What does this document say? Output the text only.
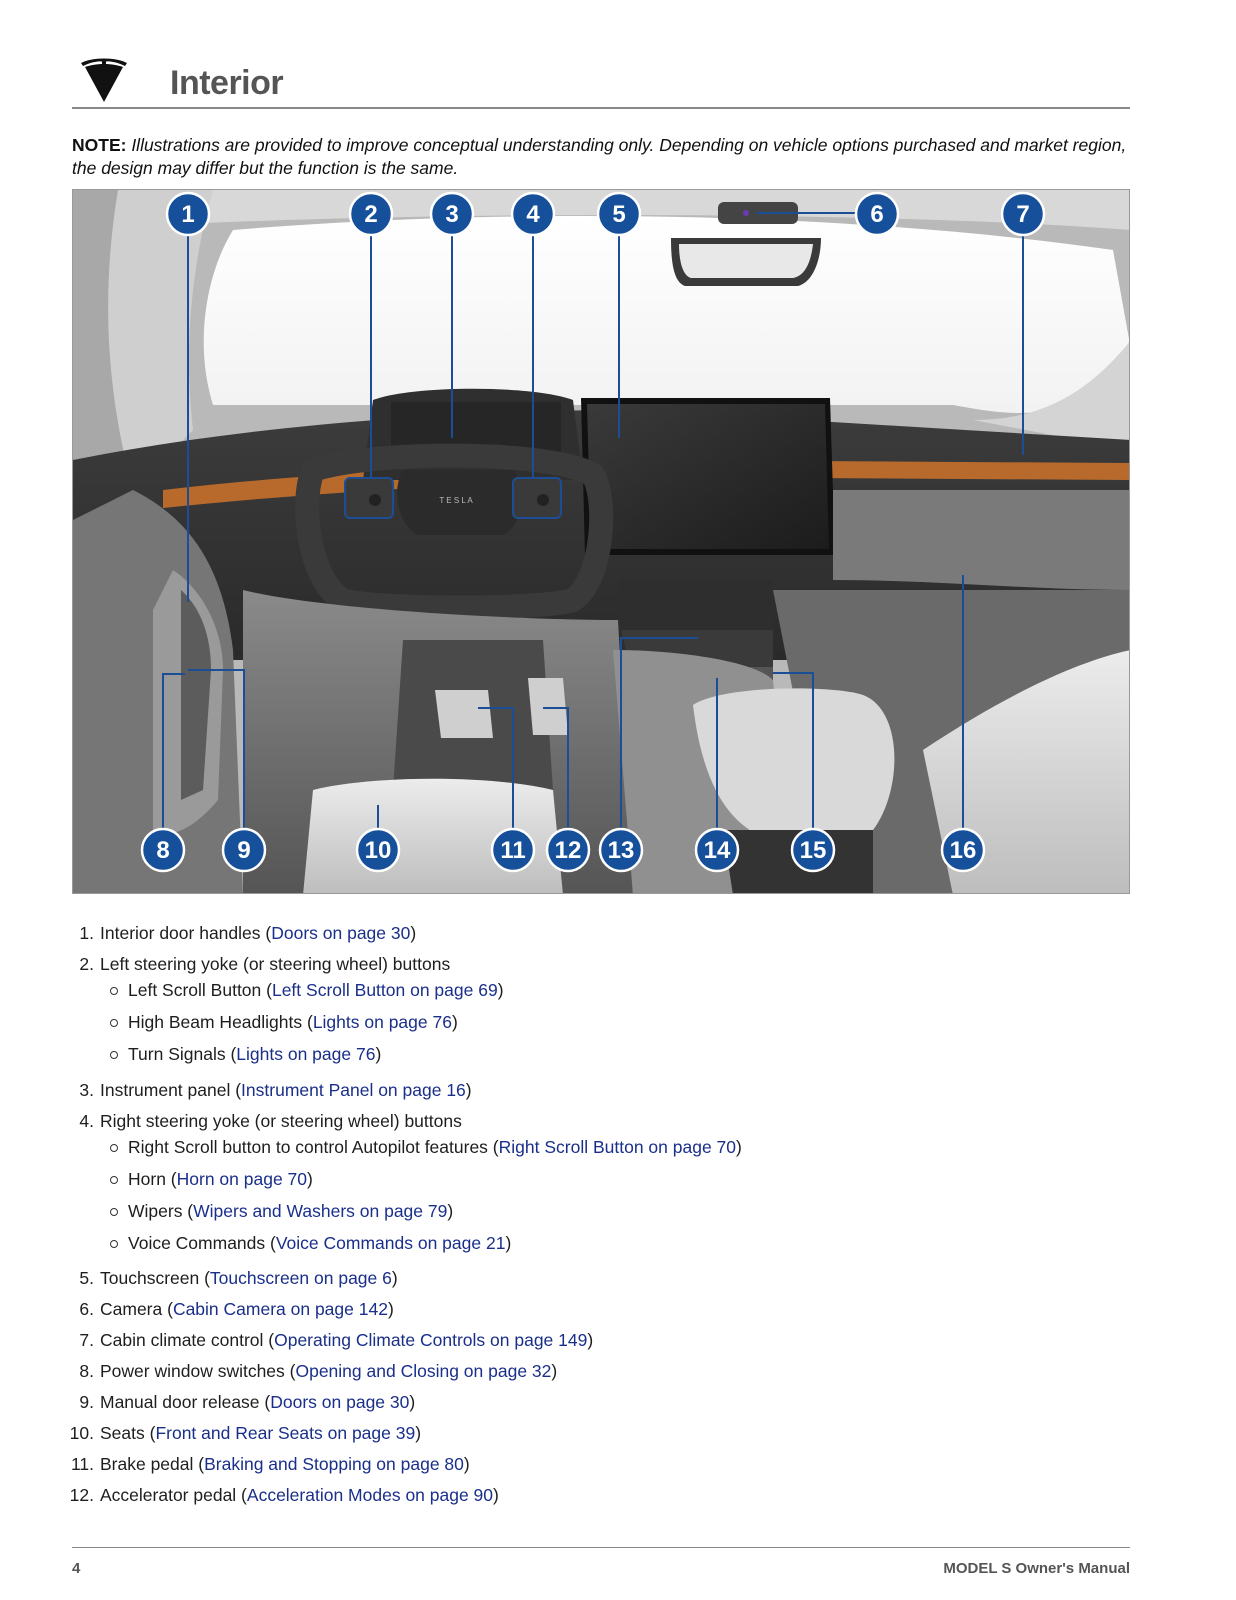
Interior
NOTE: Illustrations are provided to improve conceptual understanding only. Depending on vehicle options purchased and market region, the design may differ but the function is the same.
T E S L A
1	2	3	4	5	6	7
8	9	10	11 12 13	14	15	16
1. Interior door handles (Doors on page 30)
2. Left steering yoke (or steering wheel) buttons
Left Scroll Button (Left Scroll Button on page 69)
High Beam Headlights (Lights on page 76)
Turn Signals (Lights on page 76)
3. Instrument panel (Instrument Panel on page 16)
4. Right steering yoke (or steering wheel) buttons
Right Scroll button to control Autopilot features (Right Scroll Button on page 70)
Horn (Horn on page 70)
Wipers (Wipers and Washers on page 79)
Voice Commands (Voice Commands on page 21)
5. Touchscreen (Touchscreen on page 6)
6. Camera (Cabin Camera on page 142)
7. Cabin climate control (Operating Climate Controls on page 149)
8. Power window switches (Opening and Closing on page 32)
9. Manual door release (Doors on page 30)
10. Seats (Front and Rear Seats on page 39)
11. Brake pedal (Braking and Stopping on page 80)
12. Accelerator pedal (Acceleration Modes on page 90)
4	MODEL S Owner's Manual
